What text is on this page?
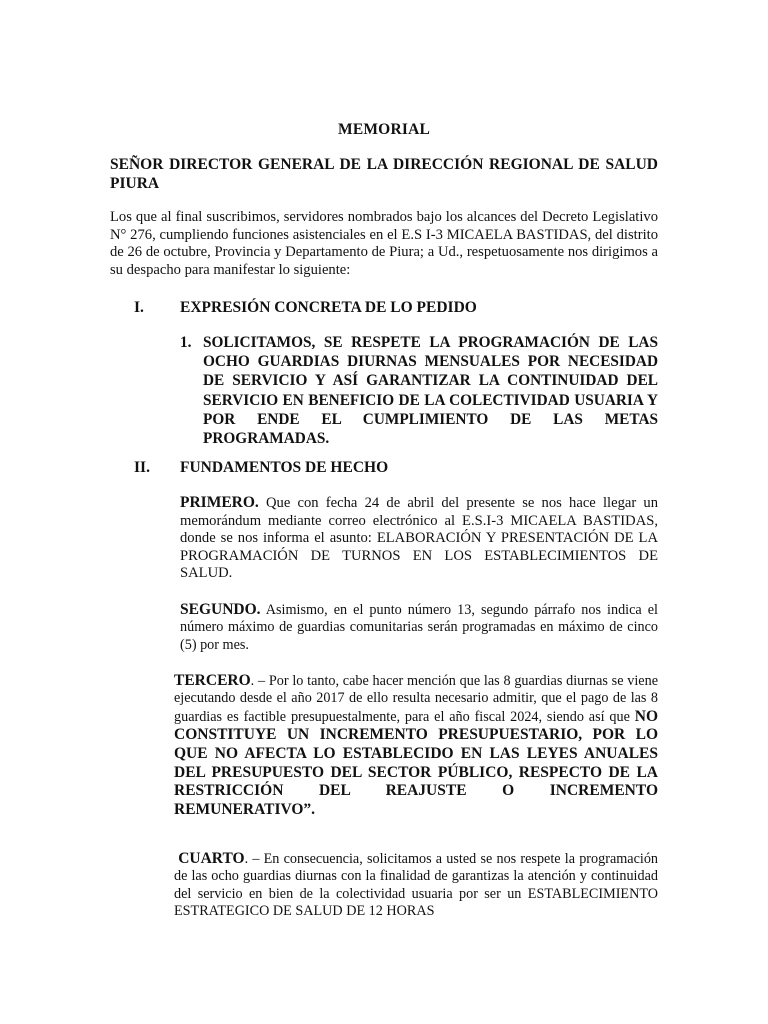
MEMORIAL
SEÑOR DIRECTOR GENERAL DE LA DIRECCIÓN REGIONAL DE SALUD PIURA
Los que al final suscribimos, servidores nombrados bajo los alcances del Decreto Legislativo N° 276, cumpliendo funciones asistenciales en el E.S I-3 MICAELA BASTIDAS, del distrito de 26 de octubre, Provincia y Departamento de Piura; a Ud., respetuosamente nos dirigimos a su despacho para manifestar lo siguiente:
I. EXPRESIÓN CONCRETA DE LO PEDIDO
1. SOLICITAMOS, SE RESPETE LA PROGRAMACIÓN DE LAS OCHO GUARDIAS DIURNAS MENSUALES POR NECESIDAD DE SERVICIO Y ASÍ GARANTIZAR LA CONTINUIDAD DEL SERVICIO EN BENEFICIO DE LA COLECTIVIDAD USUARIA Y POR ENDE EL CUMPLIMIENTO DE LAS METAS PROGRAMADAS.
II. FUNDAMENTOS DE HECHO
PRIMERO. Que con fecha 24 de abril del presente se nos hace llegar un memorándum mediante correo electrónico al E.S.I-3 MICAELA BASTIDAS, donde se nos informa el asunto: ELABORACIÓN Y PRESENTACIÓN DE LA PROGRAMACIÓN DE TURNOS EN LOS ESTABLECIMIENTOS DE SALUD.
SEGUNDO. Asimismo, en el punto número 13, segundo párrafo nos indica el número máximo de guardias comunitarias serán programadas en máximo de cinco (5) por mes.
TERCERO. – Por lo tanto, cabe hacer mención que las 8 guardias diurnas se viene ejecutando desde el año 2017 de ello resulta necesario admitir, que el pago de las 8 guardias es factible presupuestalmente, para el año fiscal 2024, siendo así que NO CONSTITUYE UN INCREMENTO PRESUPUESTARIO, POR LO QUE NO AFECTA LO ESTABLECIDO EN LAS LEYES ANUALES DEL PRESUPUESTO DEL SECTOR PÚBLICO, RESPECTO DE LA RESTRICCIÓN DEL REAJUSTE O INCREMENTO REMUNERATIVO”.
CUARTO. – En consecuencia, solicitamos a usted se nos respete la programación de las ocho guardias diurnas con la finalidad de garantizas la atención y continuidad del servicio en bien de la colectividad usuaria por ser un ESTABLECIMIENTO ESTRATEGICO DE SALUD DE 12 HORAS
